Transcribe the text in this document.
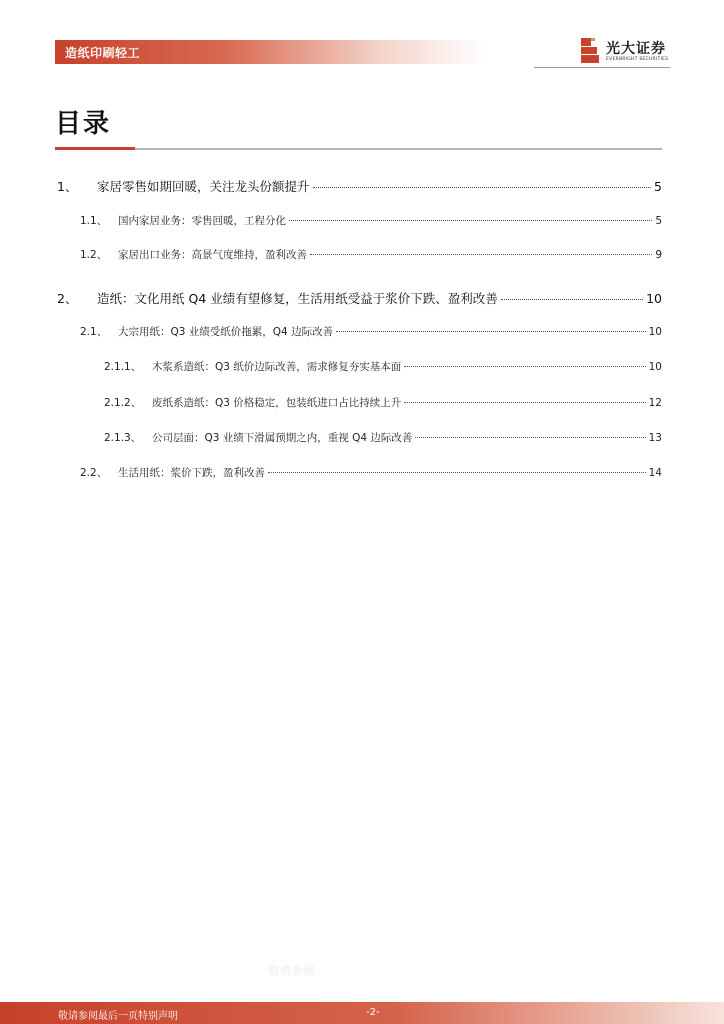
造纸印刷轻工	光大证券
EVERBRIGHT SECURITIES
目录
1、	家居零售如期回暖，关注龙头份额提升	5
1.1、	国内家居业务：零售回暖，工程分化	5
1.2、	家居出口业务：高景气度维持，盈利改善	9
2、	造纸：文化用纸 Q4 业绩有望修复，生活用纸受益于浆价下跌、盈利改善	10
2.1、	大宗用纸：Q3 业绩受纸价拖累，Q4 边际改善	10
2.1.1、	木浆系造纸：Q3 纸价边际改善，需求修复夯实基本面	10
2.1.2、	废纸系造纸：Q3 价格稳定，包装纸进口占比持续上升	12
2.1.3、	公司层面：Q3 业绩下滑属预期之内，重视 Q4 边际改善	13
2.2、	生活用纸：浆价下跌，盈利改善	14
敬请参阅
敬请参阅最后一页特别声明	-2-
